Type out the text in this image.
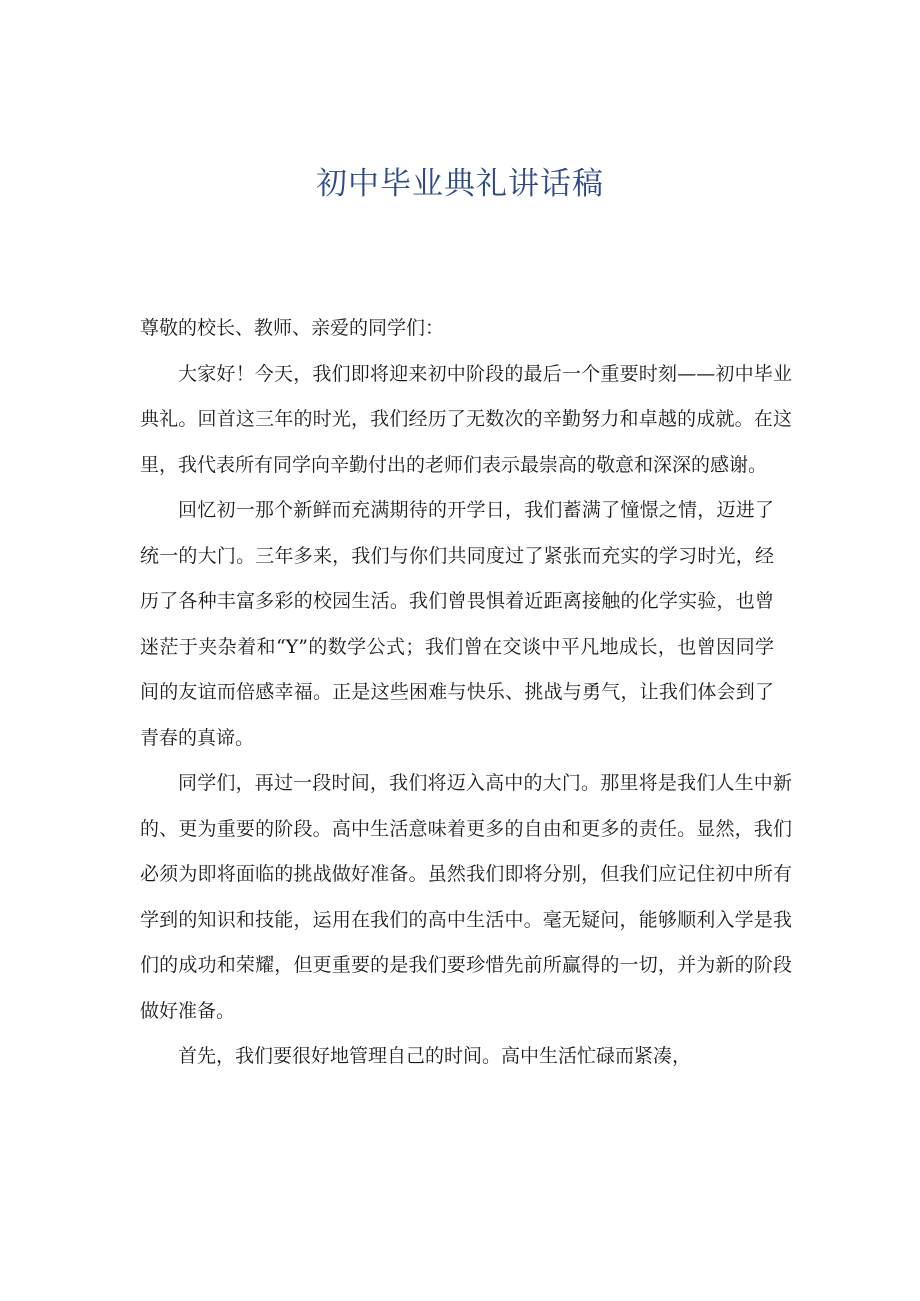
初中毕业典礼讲话稿

尊敬的校长、教师、亲爱的同学们：

大家好！今天，我们即将迎来初中阶段的最后一个重要时刻——初中毕业典礼。回首这三年的时光，我们经历了无数次的辛勤努力和卓越的成就。在这里，我代表所有同学向辛勤付出的老师们表示最崇高的敬意和深深的感谢。

回忆初一那个新鲜而充满期待的开学日，我们蓄满了憧憬之情，迈进了统一的大门。三年多来，我们与你们共同度过了紧张而充实的学习时光，经历了各种丰富多彩的校园生活。我们曾畏惧着近距离接触的化学实验，也曾迷茫于夹杂着和“Y”的数学公式；我们曾在交谈中平凡地成长，也曾因同学间的友谊而倍感幸福。正是这些困难与快乐、挑战与勇气，让我们体会到了青春的真谛。

同学们，再过一段时间，我们将迈入高中的大门。那里将是我们人生中新的、更为重要的阶段。高中生活意味着更多的自由和更多的责任。显然，我们必须为即将面临的挑战做好准备。虽然我们即将分别，但我们应记住初中所有学到的知识和技能，运用在我们的高中生活中。毫无疑问，能够顺利入学是我们的成功和荣耀，但更重要的是我们要珍惜先前所赢得的一切，并为新的阶段做好准备。

首先，我们要很好地管理自己的时间。高中生活忙碌而紧凑，
